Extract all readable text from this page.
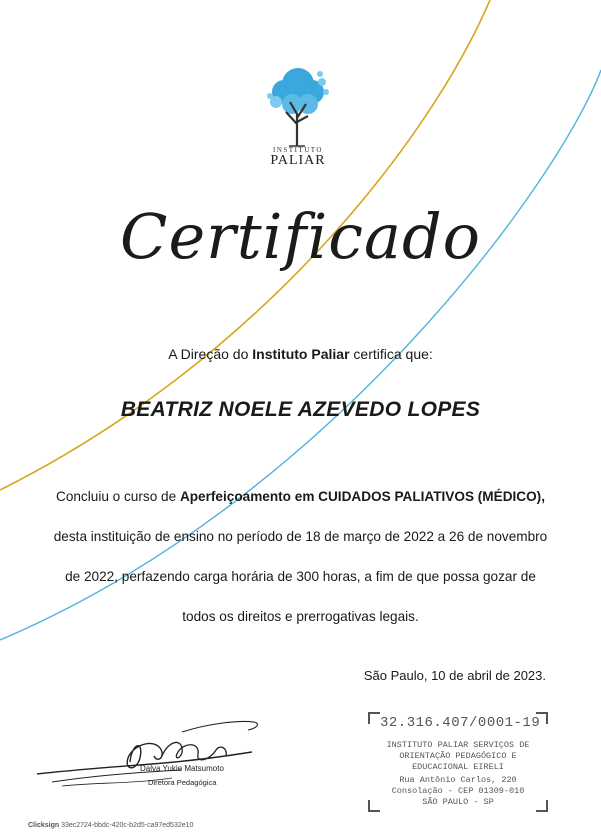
INSTITUTO
PALIAR
Certificado
A Direção do Instituto Paliar certifica que:
BEATRIZ NOELE AZEVEDO LOPES
Concluiu o curso de Aperfeiçoamento em CUIDADOS PALIATIVOS (MÉDICO),
desta instituição de ensino no período de 18 de março de 2022 a 26 de novembro
de 2022, perfazendo carga horária de 300 horas, a fim de que possa gozar de
todos os direitos e prerrogativas legais.
São Paulo, 10 de abril de 2023.
Dalva Yukie Matsumoto
Diretora Pedagógica
32.316.407/0001-19
INSTITUTO PALIAR SERVIÇOS DE
ORIENTAÇÃO PEDAGÓGICO E
EDUCACIONAL EIRELI
Rua Antônio Carlos, 220
Consolação - CEP 01309-010
SÃO PAULO - SP
Clicksign 33ec2724-bbdc-420c-b2d5-ca97ed532e10
